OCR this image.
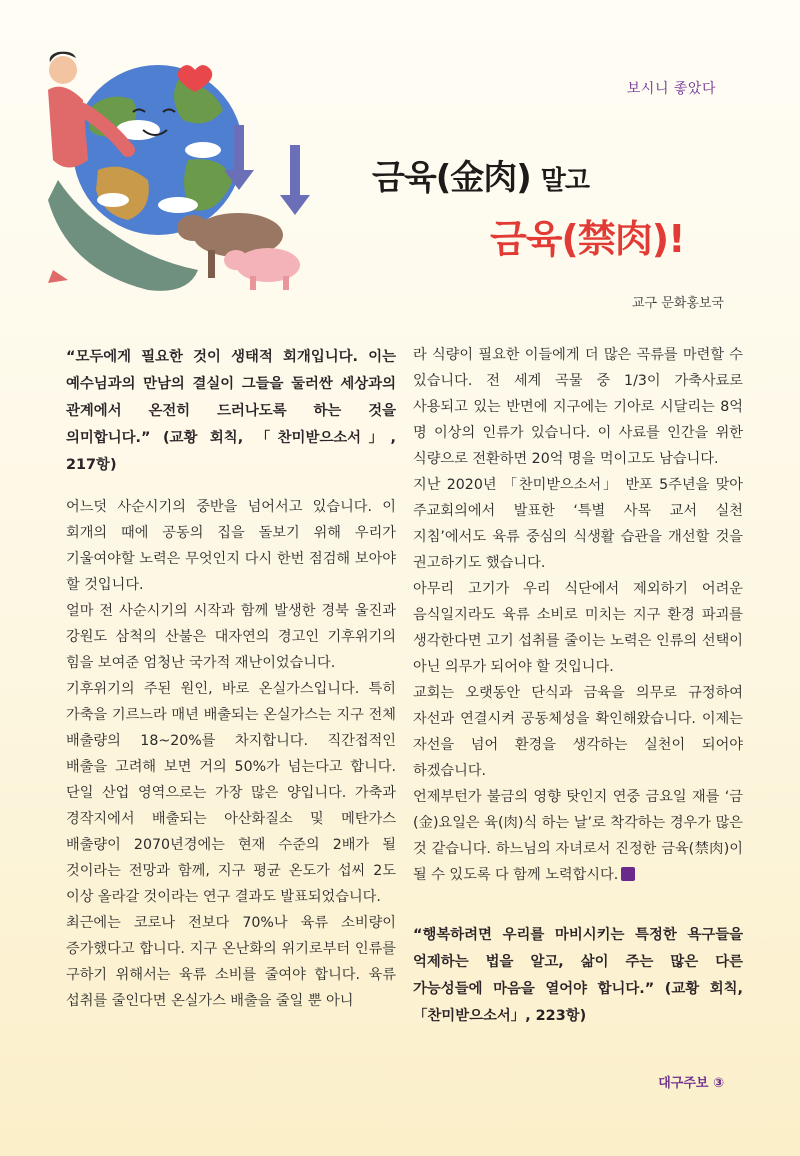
보시니 좋았다
금육(金肉) 말고
금육(禁肉)!
교구 문화홍보국
“모두에게 필요한 것이 생태적 회개입니다. 이는 예수님과의 만남의 결실이 그들을 둘러싼 세상과의 관계에서 온전히 드러나도록 하는 것을 의미합니다.” (교황 회칙, 「찬미받으소서」, 217항)

어느덧 사순시기의 중반을 넘어서고 있습니다. 이 회개의 때에 공동의 집을 돌보기 위해 우리가 기울여야할 노력은 무엇인지 다시 한번 점검해 보아야 할 것입니다.

얼마 전 사순시기의 시작과 함께 발생한 경북 울진과 강원도 삼척의 산불은 대자연의 경고인 기후위기의 힘을 보여준 엄청난 국가적 재난이었습니다.

기후위기의 주된 원인, 바로 온실가스입니다. 특히 가축을 기르느라 매년 배출되는 온실가스는 지구 전체 배출량의 18~20%를 차지합니다. 직간접적인 배출을 고려해 보면 거의 50%가 넘는다고 합니다. 단일 산업 영역으로는 가장 많은 양입니다. 가축과 경작지에서 배출되는 아산화질소 및 메탄가스 배출량이 2070년경에는 현재 수준의 2배가 될 것이라는 전망과 함께, 지구 평균 온도가 섭씨 2도 이상 올라갈 것이라는 연구 결과도 발표되었습니다.

최근에는 코로나 전보다 70%나 육류 소비량이 증가했다고 합니다. 지구 온난화의 위기로부터 인류를 구하기 위해서는 육류 소비를 줄여야 합니다. 육류 섭취를 줄인다면 온실가스 배출을 줄일 뿐 아니

라 식량이 필요한 이들에게 더 많은 곡류를 마련할 수 있습니다. 전 세계 곡물 중 1/3이 가축사료로 사용되고 있는 반면에 지구에는 기아로 시달리는 8억 명 이상의 인류가 있습니다. 이 사료를 인간을 위한 식량으로 전환하면 20억 명을 먹이고도 남습니다.

지난 2020년 「찬미받으소서」 반포 5주년을 맞아 주교회의에서 발표한 ‘특별 사목 교서 실천 지침’에서도 육류 중심의 식생활 습관을 개선할 것을 권고하기도 했습니다.

아무리 고기가 우리 식단에서 제외하기 어려운 음식일지라도 육류 소비로 미치는 지구 환경 파괴를 생각한다면 고기 섭취를 줄이는 노력은 인류의 선택이 아닌 의무가 되어야 할 것입니다.

교회는 오랫동안 단식과 금육을 의무로 규정하여 자선과 연결시켜 공동체성을 확인해왔습니다. 이제는 자선을 넘어 환경을 생각하는 실천이 되어야 하겠습니다.

언제부턴가 불금의 영향 탓인지 연중 금요일 재를 ‘금(金)요일은 육(肉)식 하는 날’로 착각하는 경우가 많은 것 같습니다. 하느님의 자녀로서 진정한 금육(禁肉)이 될 수 있도록 다 함께 노력합시다.

“행복하려면 우리를 마비시키는 특정한 욕구들을 억제하는 법을 알고, 삶이 주는 많은 다른 가능성들에 마음을 열어야 합니다.” (교황 회칙, 「찬미받으소서」, 223항)
대구주보 ③
